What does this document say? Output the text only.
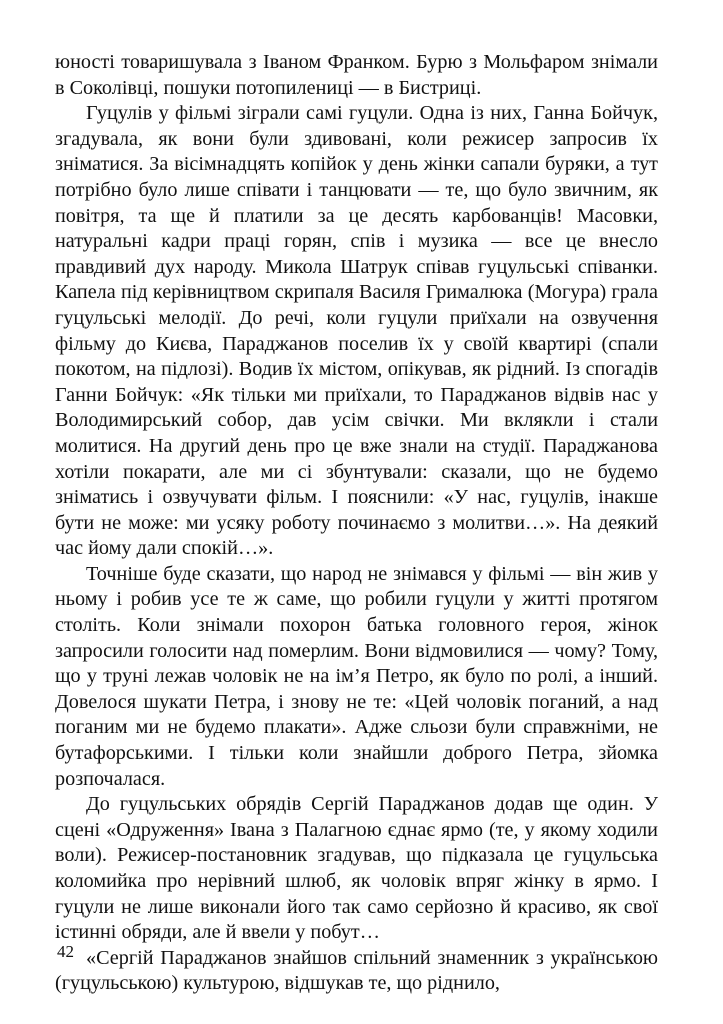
юності товаришувала з Іваном Франком. Бурю з Мольфаром знімали в Соколівці, пошуки потопилениці — в Бистриці.

Гуцулів у фільмі зіграли самі гуцули. Одна із них, Ганна Бойчук, згадувала, як вони були здивовані, коли режисер запросив їх зніматися. За вісімнадцять копійок у день жінки сапали буряки, а тут потрібно було лише співати і танцювати — те, що було звичним, як повітря, та ще й платили за це десять карбованців! Масовки, натуральні кадри праці горян, спів і музика — все це внесло правдивий дух народу. Микола Шатрук співав гуцульські співанки. Капела під керівництвом скрипаля Василя Грималюка (Могура) грала гуцульські мелодії. До речі, коли гуцули приїхали на озвучення фільму до Києва, Параджанов поселив їх у своїй квартирі (спали покотом, на підлозі). Водив їх містом, опікував, як рідний. Із спогадів Ганни Бойчук: «Як тільки ми приїхали, то Параджанов відвів нас у Володимирський собор, дав усім свічки. Ми вклякли і стали молитися. На другий день про це вже знали на студії. Параджанова хотіли покарати, але ми сі збунтували: сказали, що не будемо зніматись і озвучувати фільм. І пояснили: «У нас, гуцулів, інакше бути не може: ми усяку роботу починаємо з молитви…». На деякий час йому дали спокій…».

Точніше буде сказати, що народ не знімався у фільмі — він жив у ньому і робив усе те ж саме, що робили гуцули у житті протягом століть. Коли знімали похорон батька головного героя, жінок запросили голосити над померлим. Вони відмовилися — чому? Тому, що у труні лежав чоловік не на ім’я Петро, як було по ролі, а інший. Довелося шукати Петра, і знову не те: «Цей чоловік поганий, а над поганим ми не будемо плакати». Адже сльози були справжніми, не бутафорськими. І тільки коли знайшли доброго Петра, зйомка розпочалася.

До гуцульських обрядів Сергій Параджанов додав ще один. У сцені «Одруження» Івана з Палагною єднає ярмо (те, у якому ходили воли). Режисер-постановник згадував, що підказала це гуцульська коломийка про нерівний шлюб, як чоловік впряг жінку в ярмо. І гуцули не лише виконали його так само серйозно й красиво, як свої істинні обряди, але й ввели у побут…

«Сергій Параджанов знайшов спільний знаменник з українською (гуцульською) культурою, відшукав те, що ріднило,

42
